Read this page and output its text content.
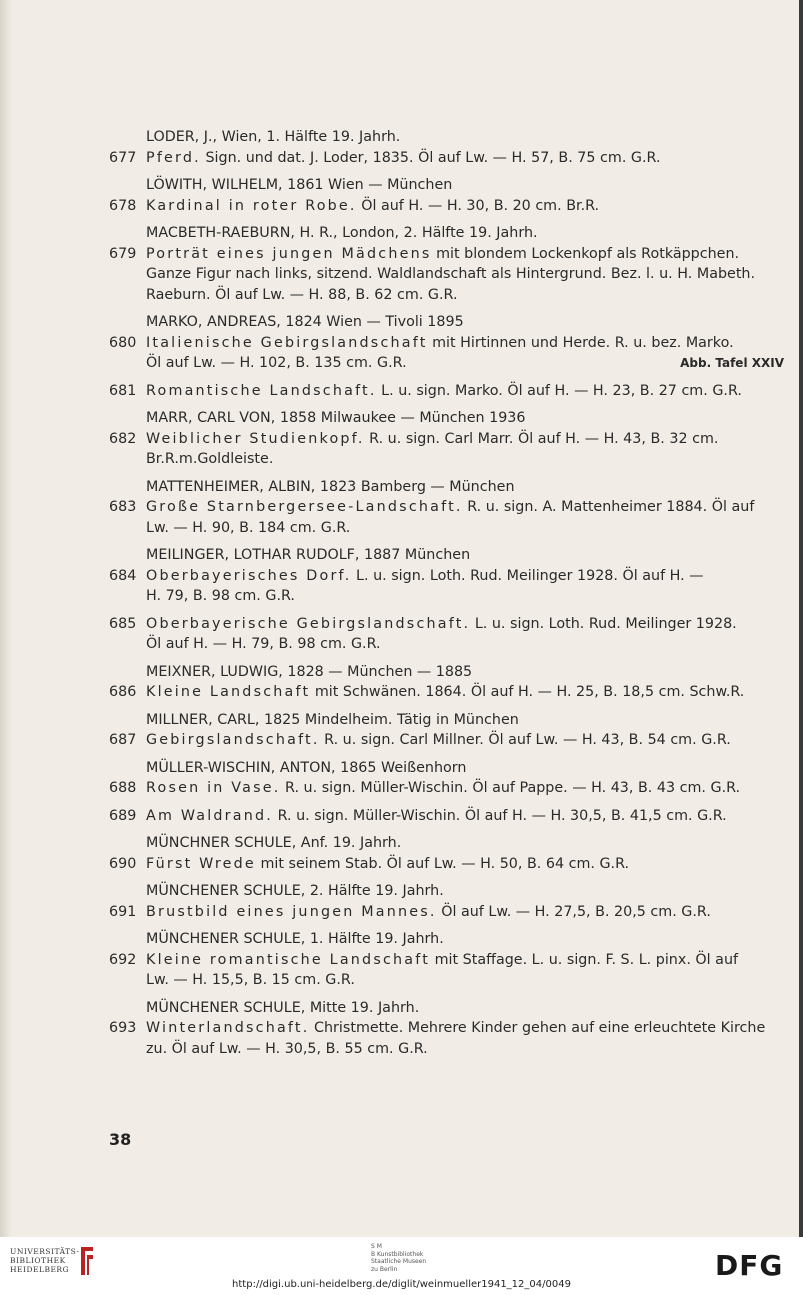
LODER, J., Wien, 1. Hälfte 19. Jahrh.
677 Pferd. Sign. und dat. J. Loder, 1835. Öl auf Lw. — H. 57, B. 75 cm. G.R.
LÖWITH, WILHELM, 1861 Wien — München
678 Kardinal in roter Robe. Öl auf H. — H. 30, B. 20 cm. Br.R.
MACBETH-RAEBURN, H. R., London, 2. Hälfte 19. Jahrh.
679 Porträt eines jungen Mädchens mit blondem Lockenkopf als Rotkäppchen.
Ganze Figur nach links, sitzend. Waldlandschaft als Hintergrund. Bez. l. u. H. Mabeth.
Raeburn. Öl auf Lw. — H. 88, B. 62 cm. G.R.
MARKO, ANDREAS, 1824 Wien — Tivoli 1895
680 Italienische Gebirgslandschaft mit Hirtinnen und Herde. R. u. bez. Marko.
Öl auf Lw. — H. 102, B. 135 cm. G.R.	Abb. Tafel XXIV
681 Romantische Landschaft. L. u. sign. Marko. Öl auf H. — H. 23, B. 27 cm. G.R.
MARR, CARL VON, 1858 Milwaukee — München 1936
682 Weiblicher Studienkopf. R. u. sign. Carl Marr. Öl auf H. — H. 43, B. 32 cm.
Br.R.m.Goldleiste.
MATTENHEIMER, ALBIN, 1823 Bamberg — München
683 Große Starnbergersee-Landschaft. R. u. sign. A. Mattenheimer 1884. Öl auf
Lw. — H. 90, B. 184 cm. G.R.
MEILINGER, LOTHAR RUDOLF, 1887 München
684 Oberbayerisches Dorf. L. u. sign. Loth. Rud. Meilinger 1928. Öl auf H. —
H. 79, B. 98 cm. G.R.
685 Oberbayerische Gebirgslandschaft. L. u. sign. Loth. Rud. Meilinger 1928.
Öl auf H. — H. 79, B. 98 cm. G.R.
MEIXNER, LUDWIG, 1828 — München — 1885
686 Kleine Landschaft mit Schwänen. 1864. Öl auf H. — H. 25, B. 18,5 cm. Schw.R.
MILLNER, CARL, 1825 Mindelheim. Tätig in München
687 Gebirgslandschaft. R. u. sign. Carl Millner. Öl auf Lw. — H. 43, B. 54 cm. G.R.
MÜLLER-WISCHIN, ANTON, 1865 Weißenhorn
688 Rosen in Vase. R. u. sign. Müller-Wischin. Öl auf Pappe. — H. 43, B. 43 cm. G.R.
689 Am Waldrand. R. u. sign. Müller-Wischin. Öl auf H. — H. 30,5, B. 41,5 cm. G.R.
MÜNCHNER SCHULE, Anf. 19. Jahrh.
690 Fürst Wrede mit seinem Stab. Öl auf Lw. — H. 50, B. 64 cm. G.R.
MÜNCHENER SCHULE, 2. Hälfte 19. Jahrh.
691 Brustbild eines jungen Mannes. Öl auf Lw. — H. 27,5, B. 20,5 cm. G.R.
MÜNCHENER SCHULE, 1. Hälfte 19. Jahrh.
692 Kleine romantische Landschaft mit Staffage. L. u. sign. F. S. L. pinx. Öl auf
Lw. — H. 15,5, B. 15 cm. G.R.
MÜNCHENER SCHULE, Mitte 19. Jahrh.
693 Winterlandschaft. Christmette. Mehrere Kinder gehen auf eine erleuchtete Kirche
zu. Öl auf Lw. — H. 30,5, B. 55 cm. G.R.
38
UNIVERSITÄTS-
BIBLIOTHEK
HEIDELBERG
S M
B Kunstbibliothek
Staatliche Museen
zu Berlin	DFG
http://digi.ub.uni-heidelberg.de/diglit/weinmueller1941_12_04/0049
